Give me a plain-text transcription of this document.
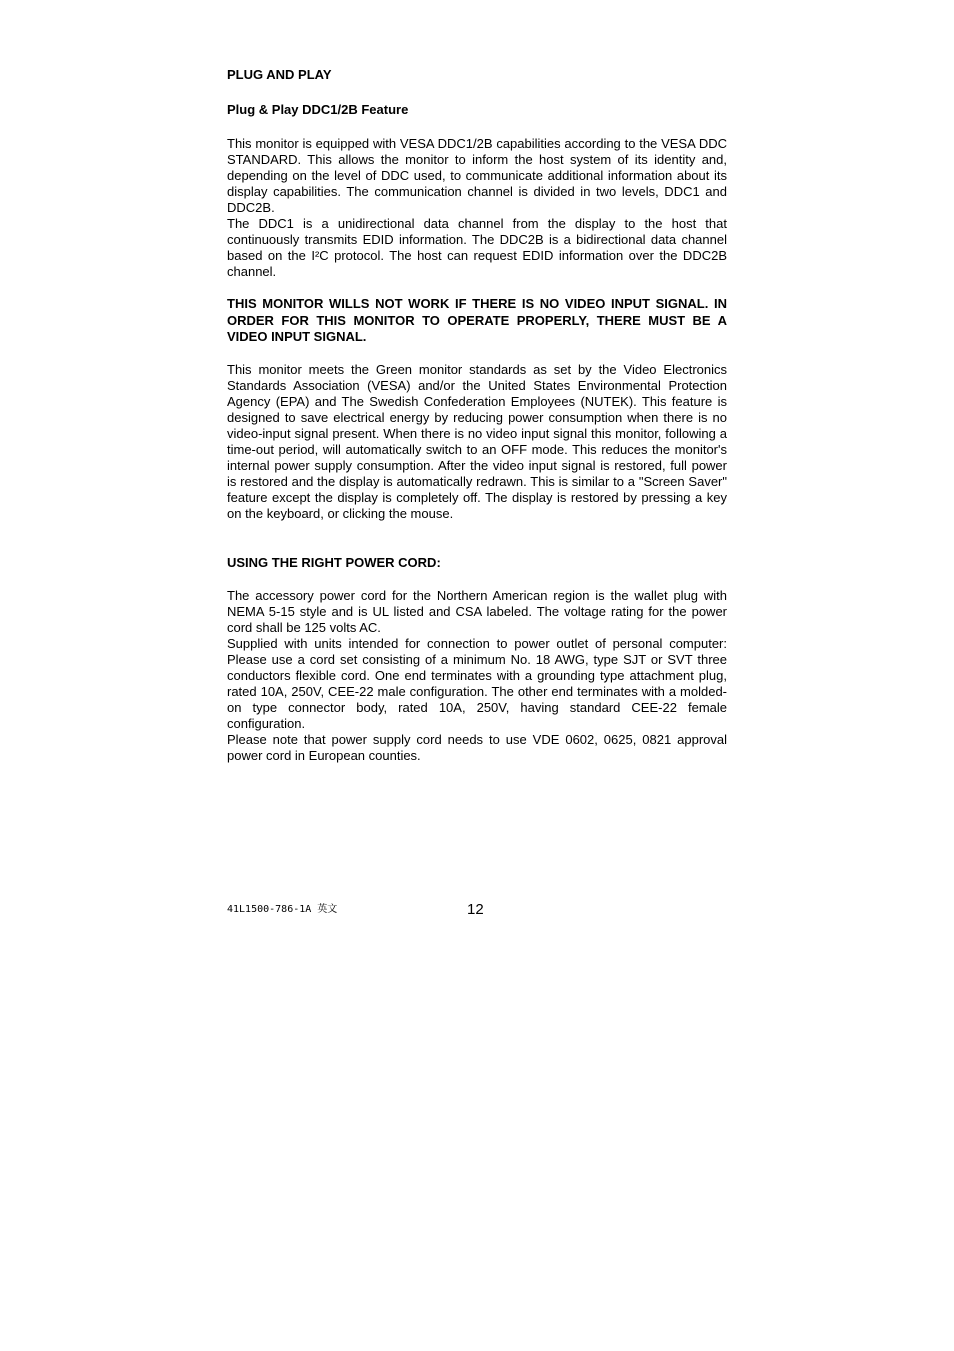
PLUG AND PLAY
Plug & Play DDC1/2B Feature

This monitor is equipped with VESA DDC1/2B capabilities according to the VESA DDC STANDARD. This allows the monitor to inform the host system of its identity and, depending on the level of DDC used, to communicate additional information about its display capabilities. The communication channel is divided in two levels, DDC1 and DDC2B.

The DDC1 is a unidirectional data channel from the display to the host that continuously transmits EDID information. The DDC2B is a bidirectional data channel based on the I²C protocol. The host can request EDID information over the DDC2B channel.

THIS MONITOR WILLS NOT WORK IF THERE IS NO VIDEO INPUT SIGNAL. IN ORDER FOR THIS MONITOR TO OPERATE PROPERLY, THERE MUST BE A VIDEO INPUT SIGNAL.

This monitor meets the Green monitor standards as set by the Video Electronics Standards Association (VESA) and/or the United States Environmental Protection Agency (EPA) and The Swedish Confederation Employees (NUTEK). This feature is designed to save electrical energy by reducing power consumption when there is no video-input signal present. When there is no video input signal this monitor, following a time-out period, will automatically switch to an OFF mode. This reduces the monitor's internal power supply consumption. After the video input signal is restored, full power is restored and the display is automatically redrawn. This is similar to a "Screen Saver" feature except the display is completely off. The display is restored by pressing a key on the keyboard, or clicking the mouse.

USING THE RIGHT POWER CORD:

The accessory power cord for the Northern American region is the wallet plug with NEMA 5-15 style and is UL listed and CSA labeled. The voltage rating for the power cord shall be 125 volts AC.

Supplied with units intended for connection to power outlet of personal computer: Please use a cord set consisting of a minimum No. 18 AWG, type SJT or SVT three conductors flexible cord. One end terminates with a grounding type attachment plug, rated 10A, 250V, CEE-22 male configuration. The other end terminates with a molded-on type connector body, rated 10A, 250V, having standard CEE-22 female configuration.

Please note that power supply cord needs to use VDE 0602, 0625, 0821 approval power cord in European counties.

41L1500-786-1A 英文	12
